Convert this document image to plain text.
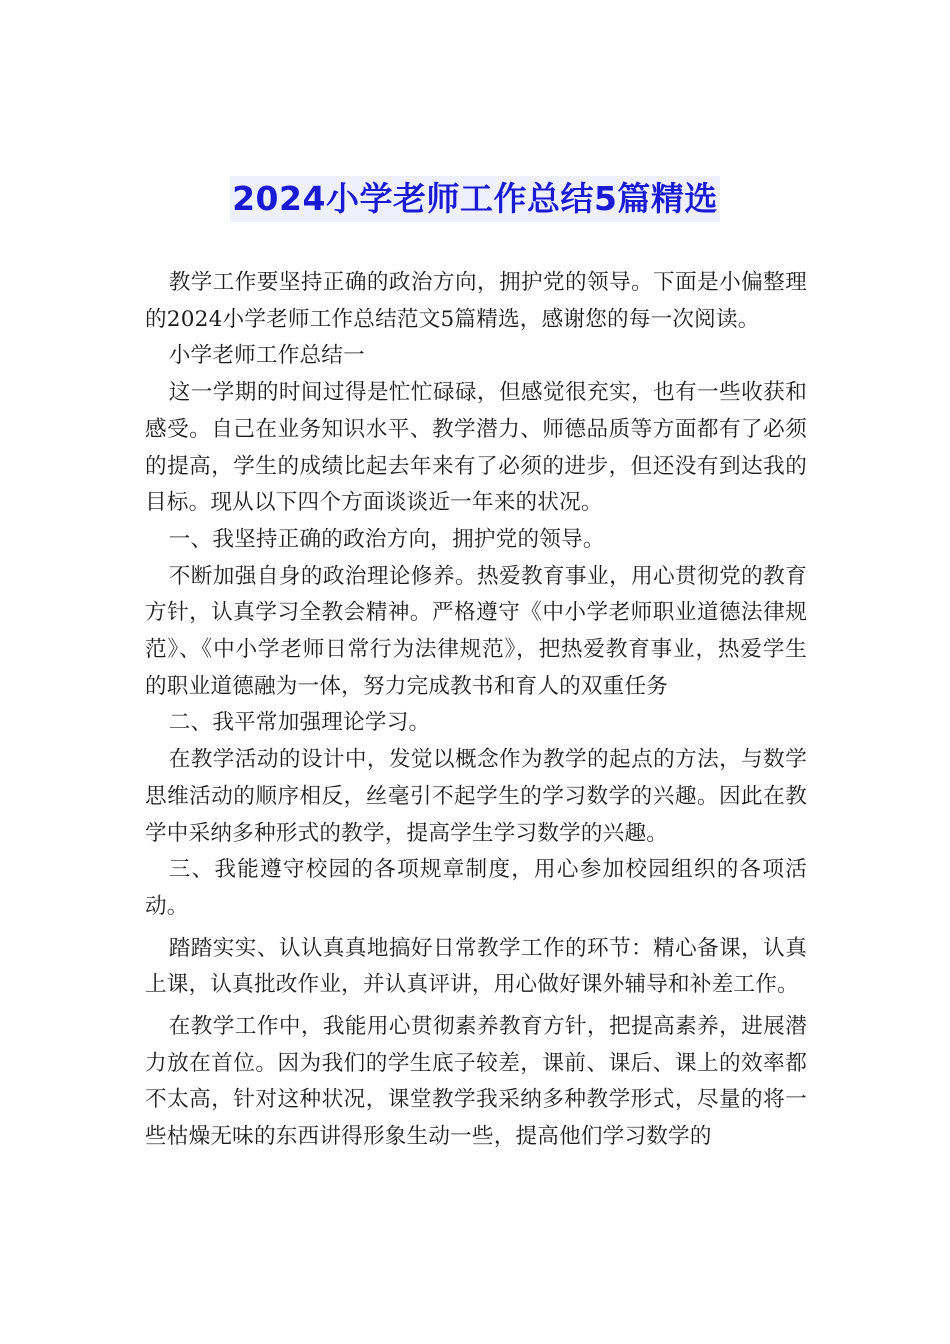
2024小学老师工作总结5篇精选

教学工作要坚持正确的政治方向，拥护党的领导。下面是小偏整理的2024小学老师工作总结范文5篇精选，感谢您的每一次阅读。

小学老师工作总结一

这一学期的时间过得是忙忙碌碌，但感觉很充实，也有一些收获和感受。自己在业务知识水平、教学潜力、师德品质等方面都有了必须的提高，学生的成绩比起去年来有了必须的进步，但还没有到达我的目标。现从以下四个方面谈谈近一年来的状况。

一、我坚持正确的政治方向，拥护党的领导。

不断加强自身的政治理论修养。热爱教育事业，用心贯彻党的教育方针，认真学习全教会精神。严格遵守《中小学老师职业道德法律规范》、《中小学老师日常行为法律规范》，把热爱教育事业，热爱学生的职业道德融为一体，努力完成教书和育人的双重任务

二、我平常加强理论学习。

在教学活动的设计中，发觉以概念作为教学的起点的方法，与数学思维活动的顺序相反，丝毫引不起学生的学习数学的兴趣。因此在教学中采纳多种形式的教学，提高学生学习数学的兴趣。

三、我能遵守校园的各项规章制度，用心参加校园组织的各项活动。

踏踏实实、认认真真地搞好日常教学工作的环节：精心备课，认真上课，认真批改作业，并认真评讲，用心做好课外辅导和补差工作。

在教学工作中，我能用心贯彻素养教育方针，把提高素养，进展潜力放在首位。因为我们的学生底子较差，课前、课后、课上的效率都不太高，针对这种状况，课堂教学我采纳多种教学形式，尽量的将一些枯燥无味的东西讲得形象生动一些，提高他们学习数学的
